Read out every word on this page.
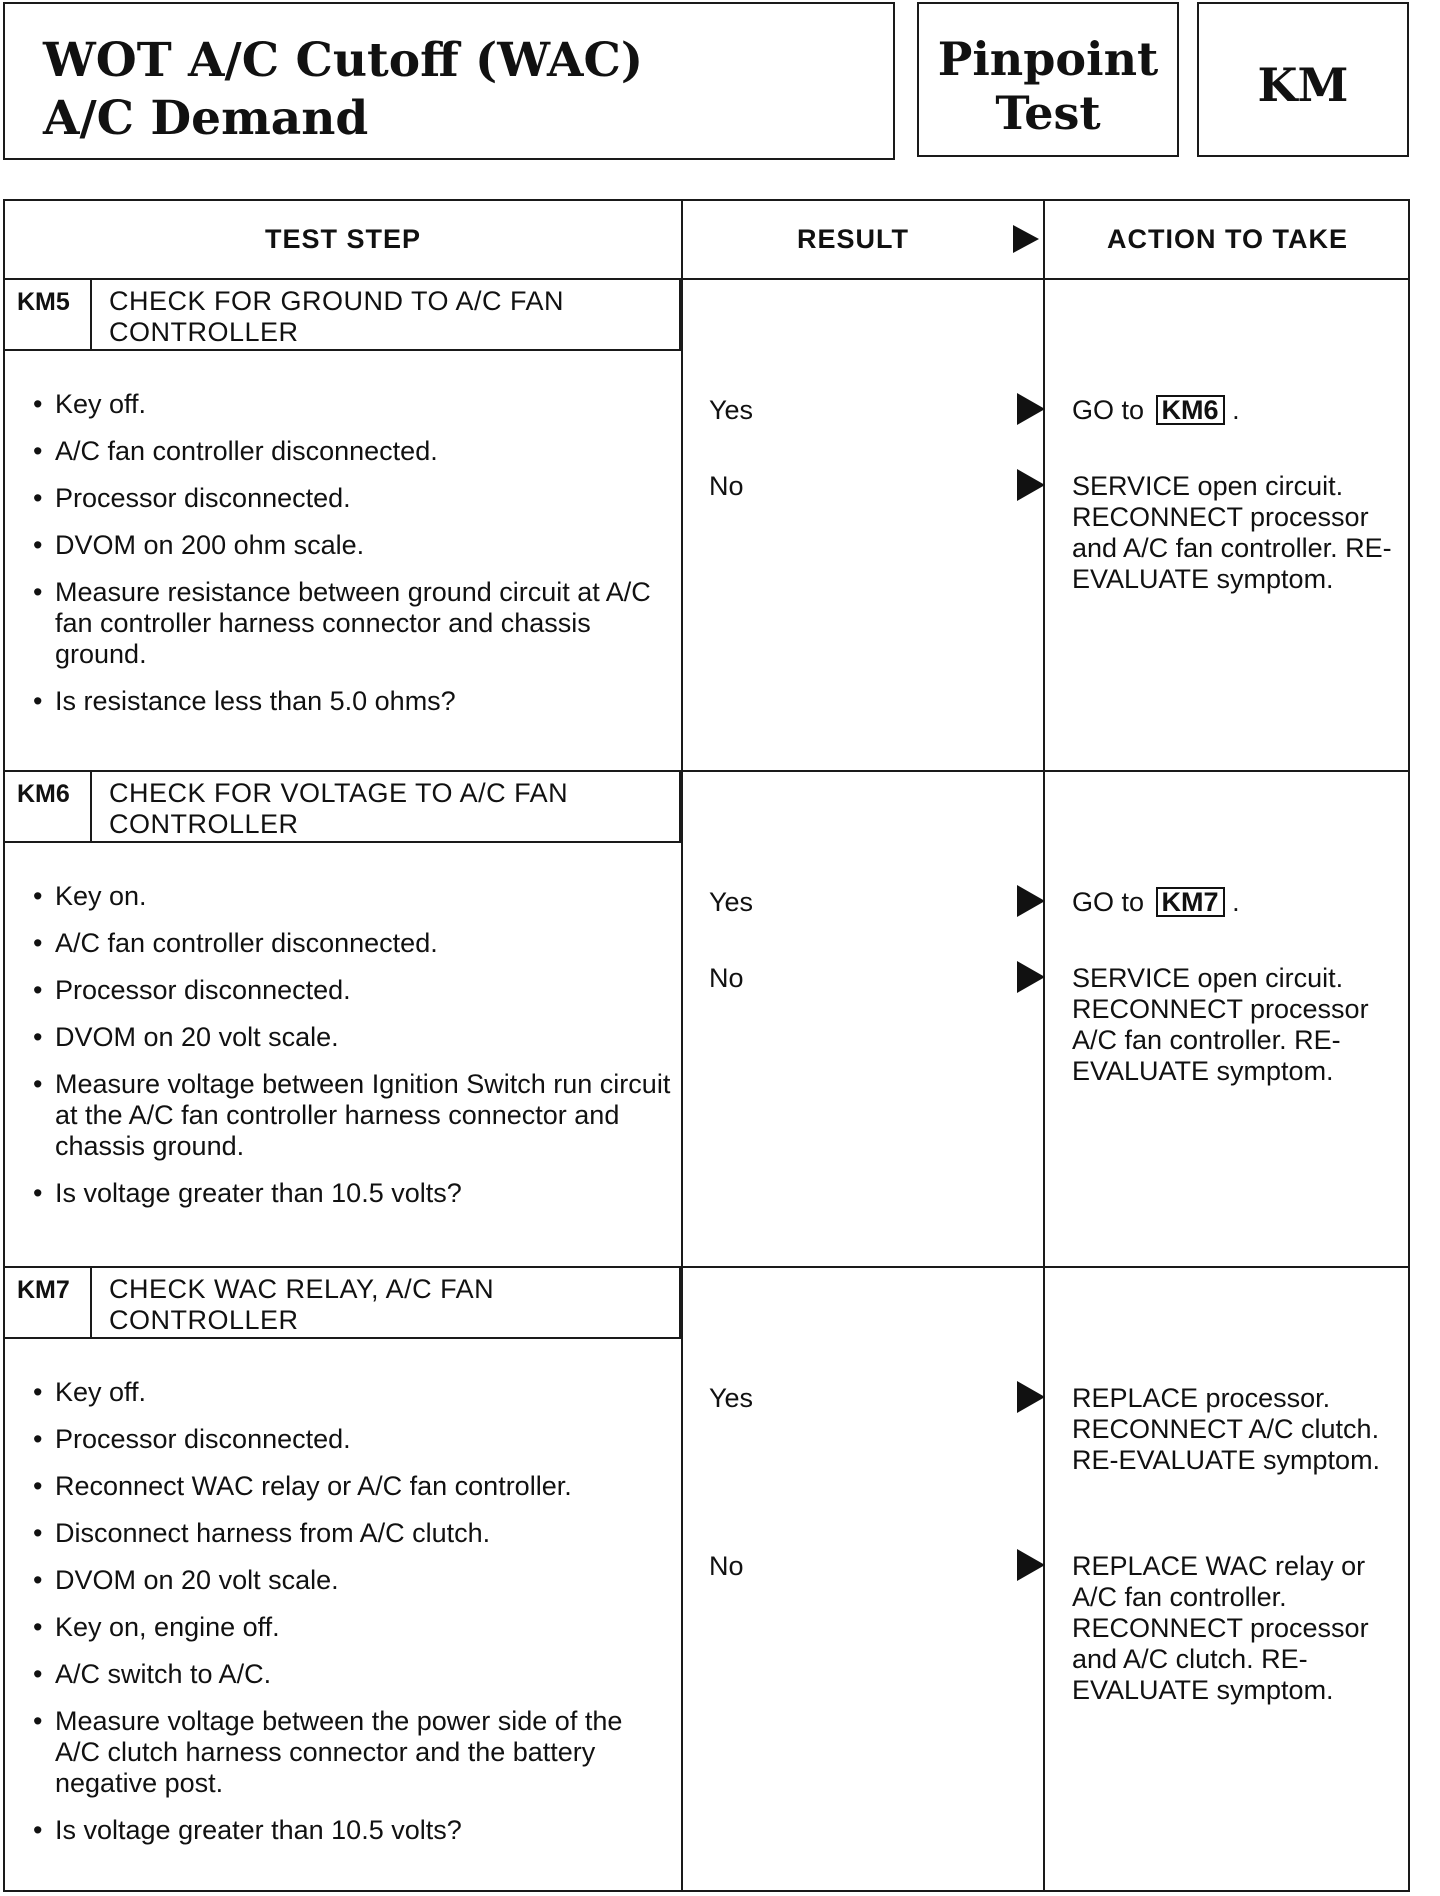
WOT A/C Cutoff (WAC)
A/C Demand
Pinpoint
Test
KM
TEST STEP	RESULT	ACTION TO TAKE
KM5	CHECK FOR GROUND TO A/C FAN CONTROLLER
• Key off.
• A/C fan controller disconnected.
• Processor disconnected.
• DVOM on 200 ohm scale.
• Measure resistance between ground circuit at A/C fan controller harness connector and chassis ground.
• Is resistance less than 5.0 ohms?
Yes	GO to KM6 .
No	SERVICE open circuit. RECONNECT processor and A/C fan controller. RE-EVALUATE symptom.
KM6	CHECK FOR VOLTAGE TO A/C FAN CONTROLLER
• Key on.
• A/C fan controller disconnected.
• Processor disconnected.
• DVOM on 20 volt scale.
• Measure voltage between Ignition Switch run circuit at the A/C fan controller harness connector and chassis ground.
• Is voltage greater than 10.5 volts?
Yes	GO to KM7 .
No	SERVICE open circuit. RECONNECT processor A/C fan controller. RE-EVALUATE symptom.
KM7	CHECK WAC RELAY, A/C FAN CONTROLLER
• Key off.
• Processor disconnected.
• Reconnect WAC relay or A/C fan controller.
• Disconnect harness from A/C clutch.
• DVOM on 20 volt scale.
• Key on, engine off.
• A/C switch to A/C.
• Measure voltage between the power side of the A/C clutch harness connector and the battery negative post.
• Is voltage greater than 10.5 volts?
Yes	REPLACE processor. RECONNECT A/C clutch. RE-EVALUATE symptom.
No	REPLACE WAC relay or A/C fan controller. RECONNECT processor and A/C clutch. RE-EVALUATE symptom.
